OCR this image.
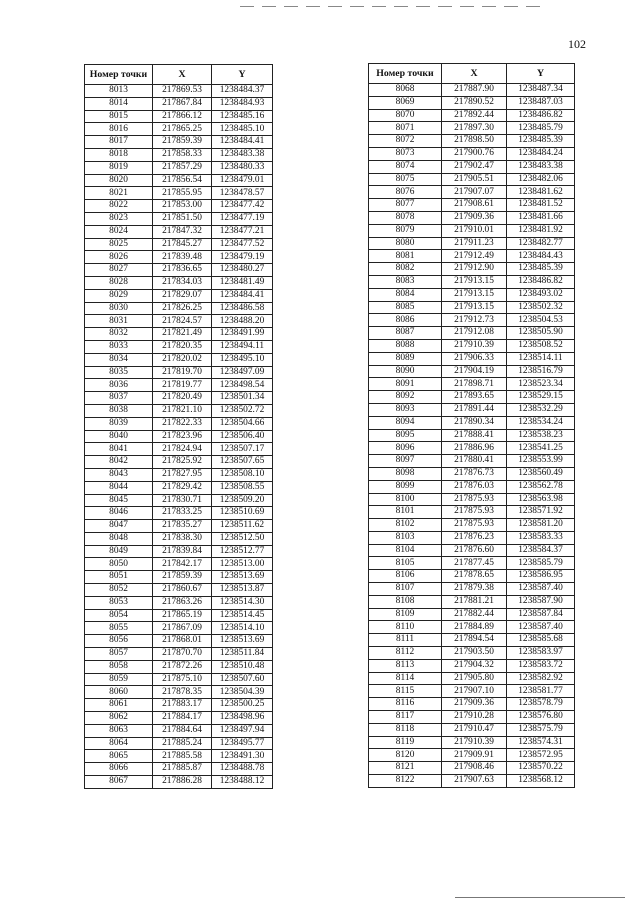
102
Номер точки	X	Y
8013	217869.53	1238484.37
8014	217867.84	1238484.93
8015	217866.12	1238485.16
8016	217865.25	1238485.10
8017	217859.39	1238484.41
8018	217858.33	1238483.38
8019	217857.29	1238480.33
8020	217856.54	1238479.01
8021	217855.95	1238478.57
8022	217853.00	1238477.42
8023	217851.50	1238477.19
8024	217847.32	1238477.21
8025	217845.27	1238477.52
8026	217839.48	1238479.19
8027	217836.65	1238480.27
8028	217834.03	1238481.49
8029	217829.07	1238484.41
8030	217826.25	1238486.58
8031	217824.57	1238488.20
8032	217821.49	1238491.99
8033	217820.35	1238494.11
8034	217820.02	1238495.10
8035	217819.70	1238497.09
8036	217819.77	1238498.54
8037	217820.49	1238501.34
8038	217821.10	1238502.72
8039	217822.33	1238504.66
8040	217823.96	1238506.40
8041	217824.94	1238507.17
8042	217825.92	1238507.65
8043	217827.95	1238508.10
8044	217829.42	1238508.55
8045	217830.71	1238509.20
8046	217833.25	1238510.69
8047	217835.27	1238511.62
8048	217838.30	1238512.50
8049	217839.84	1238512.77
8050	217842.17	1238513.00
8051	217859.39	1238513.69
8052	217860.67	1238513.87
8053	217863.26	1238514.30
8054	217865.19	1238514.45
8055	217867.09	1238514.10
8056	217868.01	1238513.69
8057	217870.70	1238511.84
8058	217872.26	1238510.48
8059	217875.10	1238507.60
8060	217878.35	1238504.39
8061	217883.17	1238500.25
8062	217884.17	1238498.96
8063	217884.64	1238497.94
8064	217885.24	1238495.77
8065	217885.58	1238491.30
8066	217885.87	1238488.78
8067	217886.28	1238488.12
Номер точки	X	Y
8068	217887.90	1238487.34
8069	217890.52	1238487.03
8070	217892.44	1238486.82
8071	217897.30	1238485.79
8072	217898.50	1238485.39
8073	217900.76	1238484.24
8074	217902.47	1238483.38
8075	217905.51	1238482.06
8076	217907.07	1238481.62
8077	217908.61	1238481.52
8078	217909.36	1238481.66
8079	217910.01	1238481.92
8080	217911.23	1238482.77
8081	217912.49	1238484.43
8082	217912.90	1238485.39
8083	217913.15	1238486.82
8084	217913.15	1238493.02
8085	217913.15	1238502.32
8086	217912.73	1238504.53
8087	217912.08	1238505.90
8088	217910.39	1238508.52
8089	217906.33	1238514.11
8090	217904.19	1238516.79
8091	217898.71	1238523.34
8092	217893.65	1238529.15
8093	217891.44	1238532.29
8094	217890.34	1238534.24
8095	217888.41	1238538.23
8096	217886.96	1238541.25
8097	217880.41	1238553.99
8098	217876.73	1238560.49
8099	217876.03	1238562.78
8100	217875.93	1238563.98
8101	217875.93	1238571.92
8102	217875.93	1238581.20
8103	217876.23	1238583.33
8104	217876.60	1238584.37
8105	217877.45	1238585.79
8106	217878.65	1238586.95
8107	217879.38	1238587.40
8108	217881.21	1238587.90
8109	217882.44	1238587.84
8110	217884.89	1238587.40
8111	217894.54	1238585.68
8112	217903.50	1238583.97
8113	217904.32	1238583.72
8114	217905.80	1238582.92
8115	217907.10	1238581.77
8116	217909.36	1238578.79
8117	217910.28	1238576.80
8118	217910.47	1238575.79
8119	217910.39	1238574.31
8120	217909.91	1238572.95
8121	217908.46	1238570.22
8122	217907.63	1238568.12
